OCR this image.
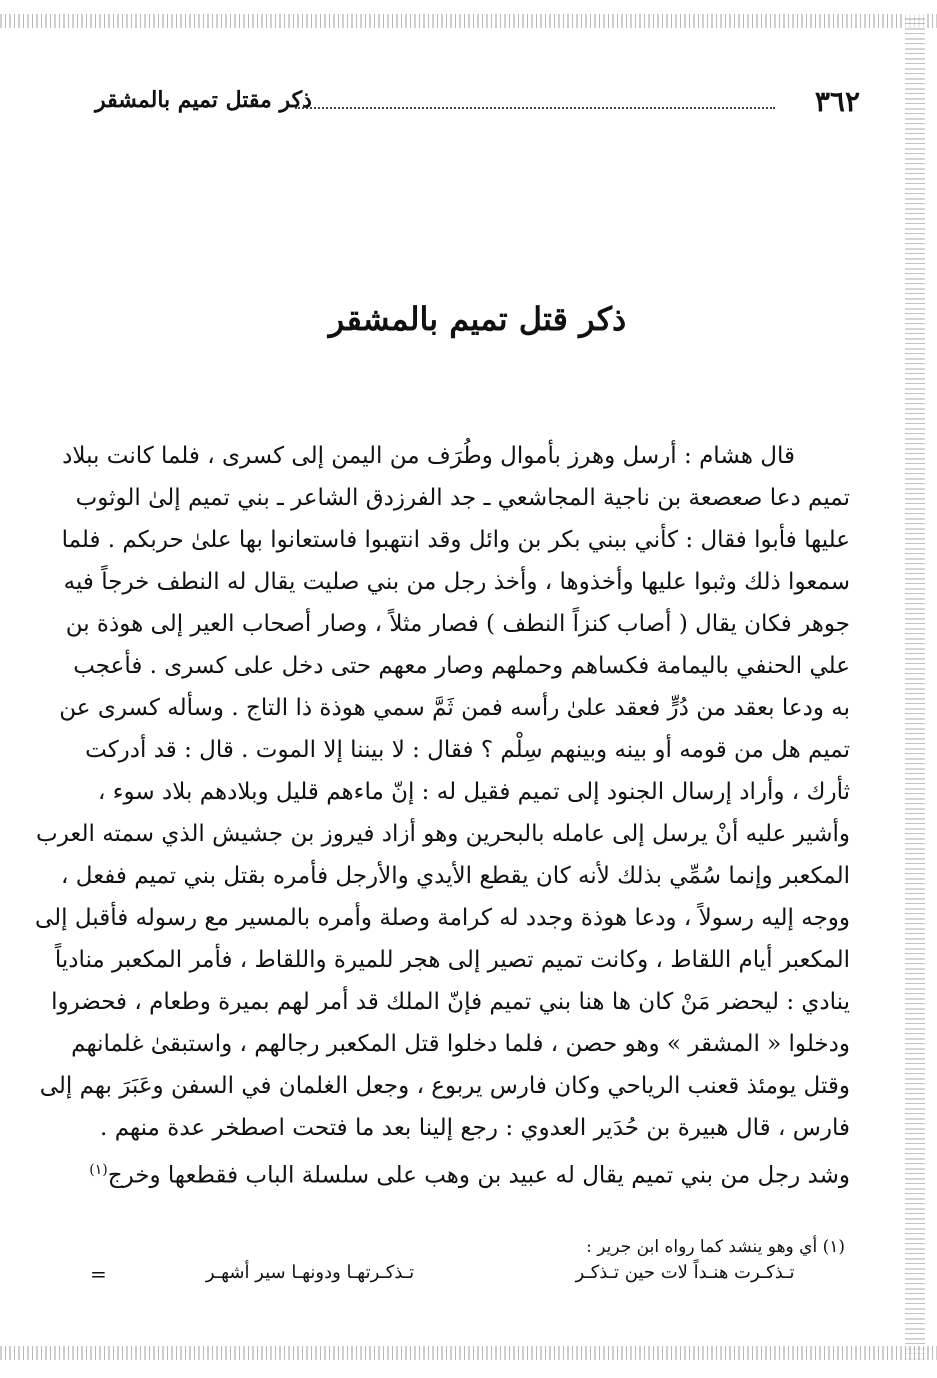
٣٦٢
ذكر مقتل تميم بالمشقر
ذكر قتل تميم بالمشقر
قال هشام : أرسل وهرز بأموال وطُرَف من اليمن إلى كسرى ، فلما كانت ببلاد
تميم دعا صعصعة بن ناجية المجاشعي ـ جد الفرزدق الشاعر ـ بني تميم إلىٰ الوثوب
عليها فأبوا فقال : كأني ببني بكر بن وائل وقد انتهبوا فاستعانوا بها علىٰ حربكم . فلما
سمعوا ذلك وثبوا عليها وأخذوها ، وأخذ رجل من بني صليت يقال له النطف خرجاً فيه
جوهر فكان يقال ( أصاب كنزاً النطف ) فصار مثلاً ، وصار أصحاب العير إلى هوذة بن
علي الحنفي باليمامة فكساهم وحملهم وصار معهم حتى دخل على كسرى . فأعجب
به ودعا بعقد من دُرٍّ فعقد علىٰ رأسه فمن ثَمَّ سمي هوذة ذا التاج . وسأله كسرى عن
تميم هل من قومه أو بينه وبينهم سِلْم ؟ فقال : لا بيننا إلا الموت . قال : قد أدركت
ثأرك ، وأراد إرسال الجنود إلى تميم فقيل له : إنّ ماءهم قليل وبلادهم بلاد سوء ،
وأشير عليه أنْ يرسل إلى عامله بالبحرين وهو أزاد فيروز بن جشيش الذي سمته العرب
المكعبر وإنما سُمِّي بذلك لأنه كان يقطع الأيدي والأرجل فأمره بقتل بني تميم ففعل ،
ووجه إليه رسولاً ، ودعا هوذة وجدد له كرامة وصلة وأمره بالمسير مع رسوله فأقبل إلى
المكعبر أيام اللقاط ، وكانت تميم تصير إلى هجر للميرة واللقاط ، فأمر المكعبر منادياً
ينادي : ليحضر مَنْ كان ها هنا بني تميم فإنّ الملك قد أمر لهم بميرة وطعام ، فحضروا
ودخلوا « المشقر » وهو حصن ، فلما دخلوا قتل المكعبر رجالهم ، واستبقىٰ غلمانهم
وقتل يومئذ قعنب الرياحي وكان فارس يربوع ، وجعل الغلمان في السفن وعَبَرَ بهم إلى
فارس ، قال هبيرة بن حُدَير العدوي : رجع إلينا بعد ما فتحت اصطخر عدة منهم .
وشد رجل من بني تميم يقال له عبيد بن وهب على سلسلة الباب فقطعها وخرج$^{(١)}$
(١) أي وهو ينشد كما رواه ابن جرير :
تـذكـرت هنـداً لات حين تـذكـر
تـذكـرتهـا ودونهـا سير أشهـر
=
